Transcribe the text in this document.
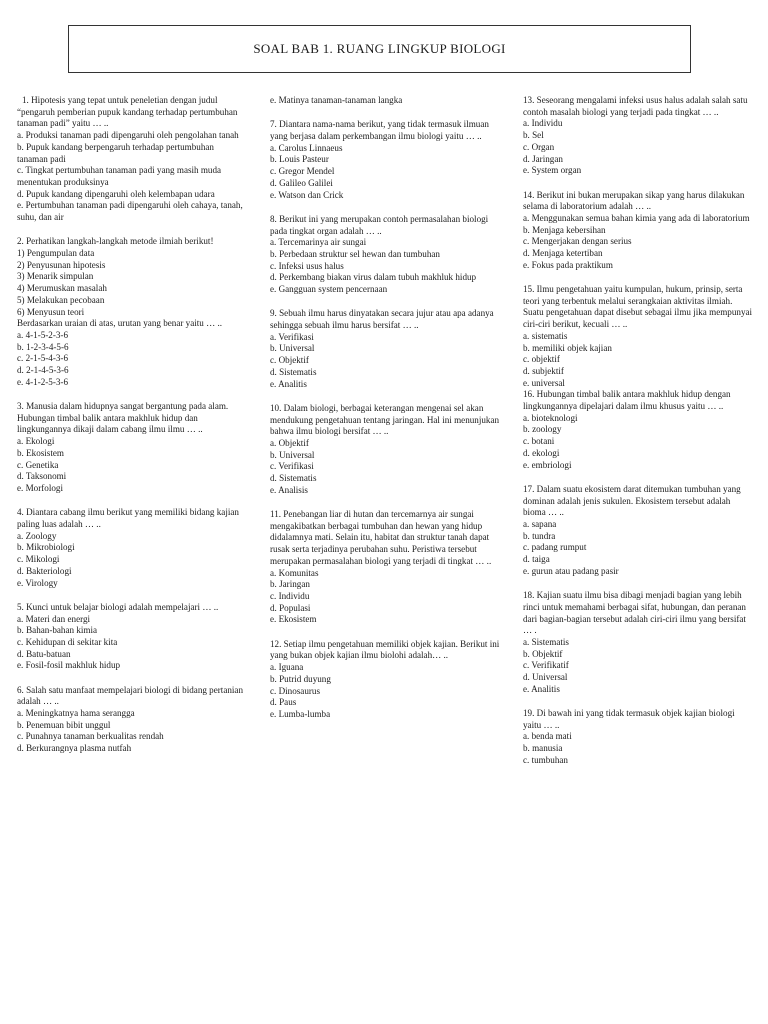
SOAL BAB 1. RUANG LINGKUP BIOLOGI
1. Hipotesis yang tepat untuk peneletian dengan judul “pengaruh pemberian pupuk kandang terhadap pertumbuhan tanaman padi” yaitu … ..
a. Produksi tanaman padi dipengaruhi oleh pengolahan tanah
b. Pupuk kandang berpengaruh terhadap pertumbuhan tanaman padi
c. Tingkat pertumbuhan tanaman padi yang masih muda menentukan produksinya
d. Pupuk kandang dipengaruhi oleh kelembapan udara
e. Pertumbuhan tanaman padi dipengaruhi oleh cahaya, tanah, suhu, dan air
2. Perhatikan langkah-langkah metode ilmiah berikut!
1) Pengumpulan data
2) Penyusunan hipotesis
3) Menarik simpulan
4) Merumuskan masalah
5) Melakukan pecobaan
6) Menyusun teori
Berdasarkan uraian di atas, urutan yang benar yaitu … ..
a. 4-1-5-2-3-6
b. 1-2-3-4-5-6
c. 2-1-5-4-3-6
d. 2-1-4-5-3-6
e. 4-1-2-5-3-6
3. Manusia dalam hidupnya sangat bergantung pada alam. Hubungan timbal balik antara makhluk hidup dan lingkungannya dikaji dalam cabang ilmu ilmu … ..
a. Ekologi
b. Ekosistem
c. Genetika
d. Taksonomi
e. Morfologi
4. Diantara cabang ilmu berikut yang memiliki bidang kajian paling luas adalah … ..
a. Zoology
b. Mikrobiologi
c. Mikologi
d. Bakteriologi
e. Virology
5. Kunci untuk belajar biologi adalah mempelajari … ..
a. Materi dan energi
b. Bahan-bahan kimia
c. Kehidupan di sekitar kita
d. Batu-batuan
e. Fosil-fosil makhluk hidup
6. Salah satu manfaat mempelajari biologi di bidang pertanian adalah … ..
a. Meningkatnya hama serangga
b. Penemuan bibit unggul
c. Punahnya tanaman berkualitas rendah
d. Berkurangnya plasma nutfah
e. Matinya tanaman-tanaman langka
7. Diantara nama-nama berikut, yang tidak termasuk ilmuan yang berjasa dalam perkembangan ilmu biologi yaitu … ..
a. Carolus Linnaeus
b. Louis Pasteur
c. Gregor Mendel
d. Galileo Galilei
e. Watson dan Crick
8. Berikut ini yang merupakan contoh permasalahan biologi pada tingkat organ adalah … ..
a. Tercemarinya air sungai
b. Perbedaan struktur sel hewan dan tumbuhan
c. Infeksi usus halus
d. Perkembang biakan virus dalam tubuh makhluk hidup
e. Gangguan system pencernaan
9. Sebuah ilmu harus dinyatakan secara jujur atau apa adanya sehingga sebuah ilmu harus bersifat … ..
a. Verifikasi
b. Universal
c. Objektif
d. Sistematis
e. Analitis
10. Dalam biologi, berbagai keterangan mengenai sel akan mendukung pengetahuan tentang jaringan. Hal ini menunjukan bahwa ilmu biologi bersifat … ..
a. Objektif
b. Universal
c. Verifikasi
d. Sistematis
e. Analisis
11. Penebangan liar di hutan dan tercemarnya air sungai mengakibatkan berbagai tumbuhan dan hewan yang hidup didalamnya mati. Selain itu, habitat dan struktur tanah dapat rusak serta terjadinya perubahan suhu. Peristiwa tersebut merupakan permasalahan biologi yang terjadi di tingkat … ..
a. Komunitas
b. Jaringan
c. Individu
d. Populasi
e. Ekosistem
12. Setiap ilmu pengetahuan memiliki objek kajian. Berikut ini yang bukan objek kajian ilmu biolohi adalah… ..
a. Iguana
b. Putrid duyung
c. Dinosaurus
d. Paus
e. Lumba-lumba
13. Seseorang mengalami infeksi usus halus adalah salah satu contoh masalah biologi yang terjadi pada tingkat … ..
a. Individu
b. Sel
c. Organ
d. Jaringan
e. System organ
14. Berikut ini bukan merupakan sikap yang harus dilakukan selama di laboratorium adalah … ..
a. Menggunakan semua bahan kimia yang ada di laboratorium
b. Menjaga kebersihan
c. Mengerjakan dengan serius
d. Menjaga ketertiban
e. Fokus pada praktikum
15. Ilmu pengetahuan yaitu kumpulan, hukum, prinsip, serta teori yang terbentuk melalui serangkaian aktivitas ilmiah. Suatu pengetahuan dapat disebut sebagai ilmu jika mempunyai ciri-ciri berikut, kecuali … ..
a. sistematis
b. memiliki objek kajian
c. objektif
d. subjektif
e. universal
16. Hubungan timbal balik antara makhluk hidup dengan lingkungannya dipelajari dalam ilmu khusus yaitu … ..
a. bioteknologi
b. zoology
c. botani
d. ekologi
e. embriologi
17. Dalam suatu ekosistem darat ditemukan tumbuhan yang dominan adalah jenis sukulen. Ekosistem tersebut adalah bioma … ..
a. sapana
b. tundra
c. padang rumput
d. taiga
e. gurun atau padang pasir
18. Kajian suatu ilmu bisa dibagi menjadi bagian yang lebih rinci untuk memahami berbagai sifat, hubungan, dan peranan dari bagian-bagian tersebut adalah ciri-ciri ilmu yang bersifat … .
a. Sistematis
b. Objektif
c. Verifikatif
d. Universal
e. Analitis
19. Di bawah ini yang tidak termasuk objek kajian biologi yaitu … ..
a. benda mati
b. manusia
c. tumbuhan
